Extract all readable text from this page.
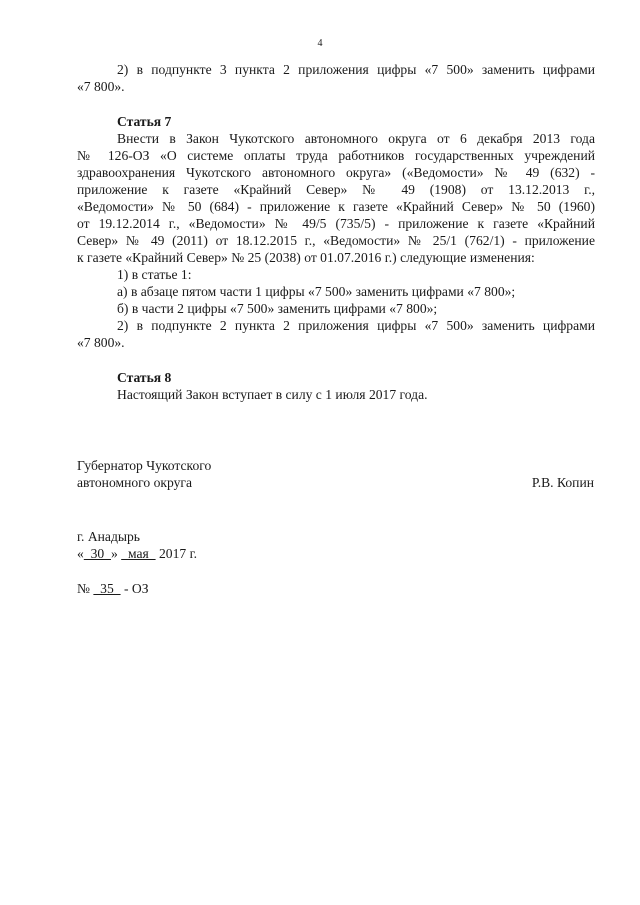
4
2) в подпункте 3 пункта 2 приложения цифры «7 500» заменить цифрами
«7 800».
Статья 7
Внести в Закон Чукотского автономного округа от 6 декабря 2013 года
№ 126-ОЗ «О системе оплаты труда работников государственных учреждений
здравоохранения Чукотского автономного округа» («Ведомости» № 49 (632) -
приложение к газете «Крайний Север» № 49 (1908) от 13.12.2013 г.,
«Ведомости» № 50 (684) - приложение к газете «Крайний Север» № 50 (1960)
от 19.12.2014 г., «Ведомости» № 49/5 (735/5) - приложение к газете «Крайний
Север» № 49 (2011) от 18.12.2015 г., «Ведомости» № 25/1 (762/1) - приложение
к газете «Крайний Север» № 25 (2038) от 01.07.2016 г.) следующие изменения:
1) в статье 1:
а) в абзаце пятом части 1 цифры «7 500» заменить цифрами «7 800»;
б) в части 2 цифры «7 500» заменить цифрами «7 800»;
2) в подпункте 2 пункта 2 приложения цифры «7 500» заменить цифрами
«7 800».
Статья 8
Настоящий Закон вступает в силу с 1 июля 2017 года.
Губернатор Чукотского
автономного округа	Р.В. Копин
г. Анадырь
«  30  »   мая   2017 г.
№   35   - ОЗ
